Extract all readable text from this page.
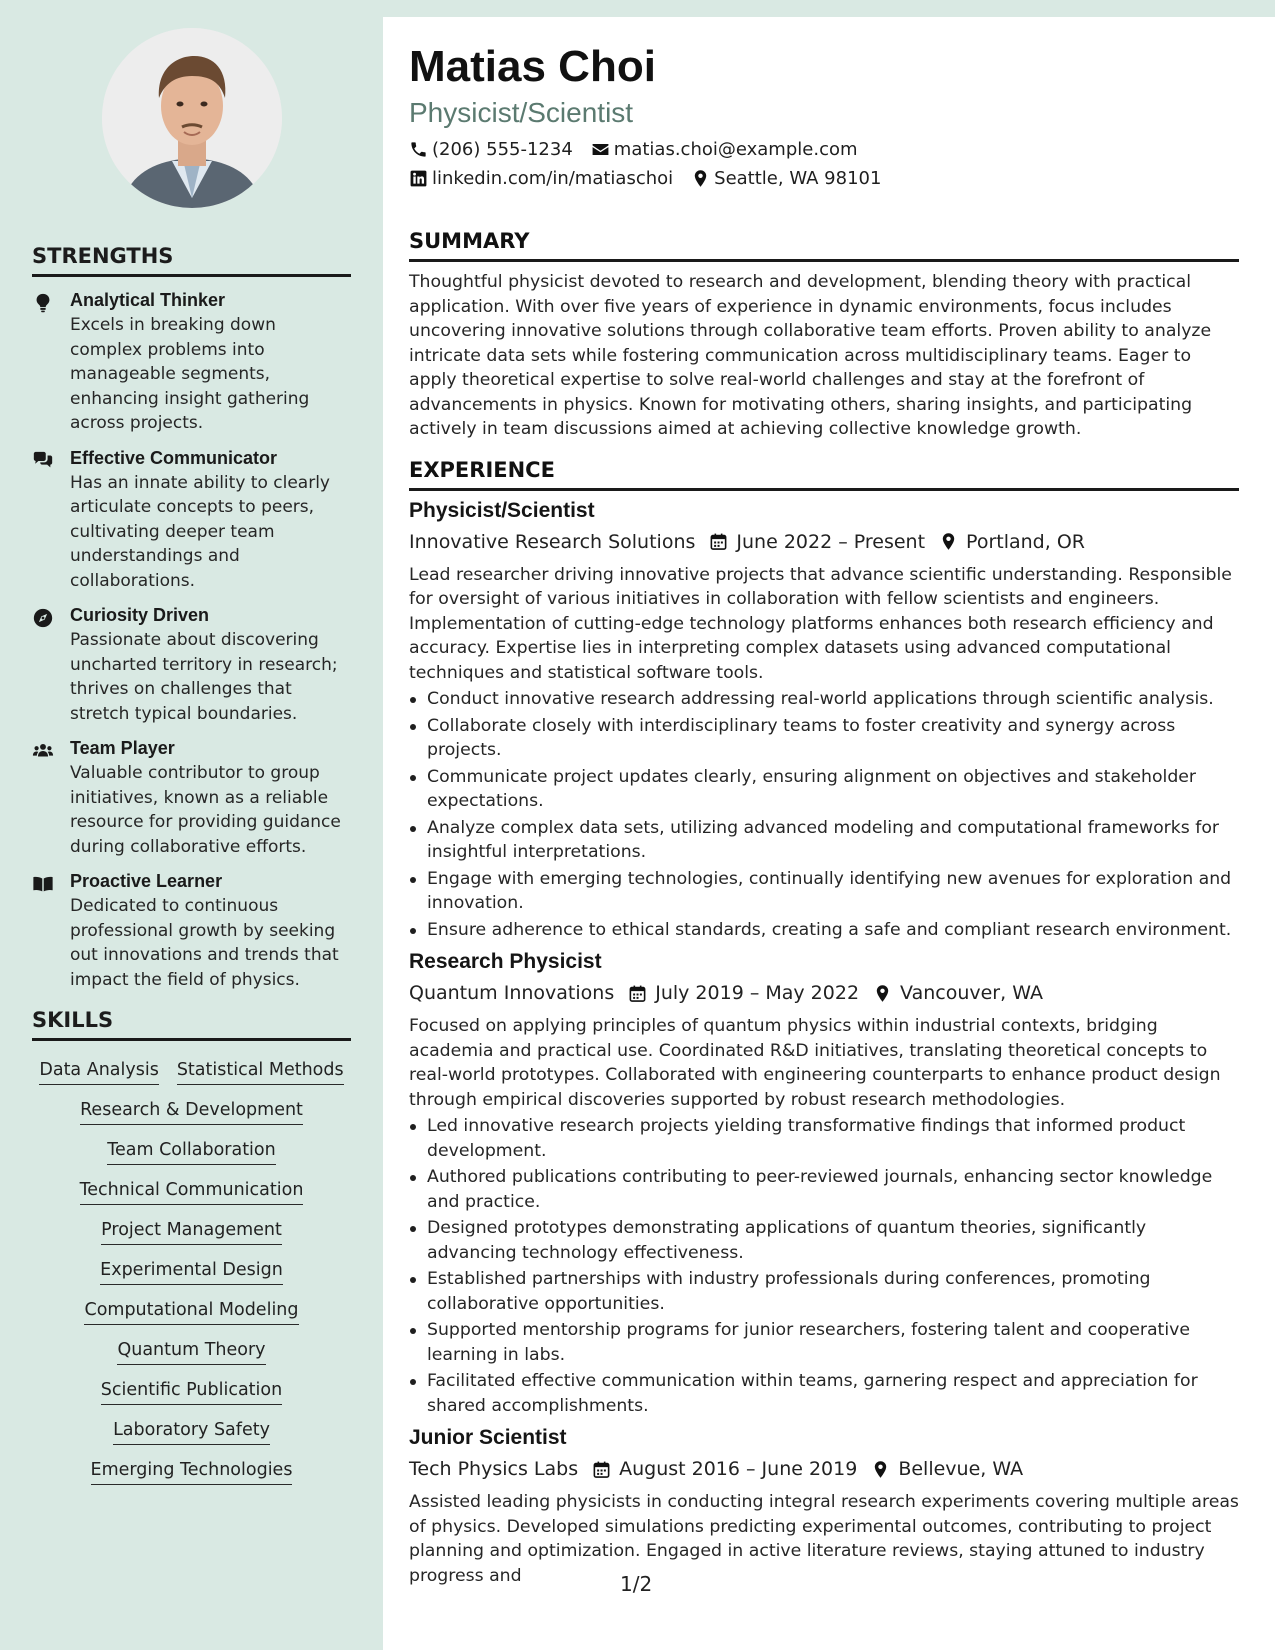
STRENGTHS
Analytical Thinker
Excels in breaking down complex problems into manageable segments, enhancing insight gathering across projects.
Effective Communicator
Has an innate ability to clearly articulate concepts to peers, cultivating deeper team understandings and collaborations.
Curiosity Driven
Passionate about discovering uncharted territory in research; thrives on challenges that stretch typical boundaries.
Team Player
Valuable contributor to group initiatives, known as a reliable resource for providing guidance during collaborative efforts.
Proactive Learner
Dedicated to continuous professional growth by seeking out innovations and trends that impact the field of physics.
SKILLS
Data Analysis Statistical Methods
Research & Development
Team Collaboration
Technical Communication
Project Management
Experimental Design
Computational Modeling
Quantum Theory
Scientific Publication
Laboratory Safety
Emerging Technologies
Matias Choi
Physicist/Scientist
(206) 555-1234 matias.choi@example.com
linkedin.com/in/matiaschoi Seattle, WA 98101
SUMMARY
Thoughtful physicist devoted to research and development, blending theory with practical application. With over five years of experience in dynamic environments, focus includes uncovering innovative solutions through collaborative team efforts. Proven ability to analyze intricate data sets while fostering communication across multidisciplinary teams. Eager to apply theoretical expertise to solve real-world challenges and stay at the forefront of advancements in physics. Known for motivating others, sharing insights, and participating actively in team discussions aimed at achieving collective knowledge growth.
EXPERIENCE
Physicist/Scientist
Innovative Research Solutions June 2022 – Present Portland, OR
Lead researcher driving innovative projects that advance scientific understanding. Responsible for oversight of various initiatives in collaboration with fellow scientists and engineers. Implementation of cutting-edge technology platforms enhances both research efficiency and accuracy. Expertise lies in interpreting complex datasets using advanced computational techniques and statistical software tools.
Conduct innovative research addressing real-world applications through scientific analysis.
Collaborate closely with interdisciplinary teams to foster creativity and synergy across projects.
Communicate project updates clearly, ensuring alignment on objectives and stakeholder expectations.
Analyze complex data sets, utilizing advanced modeling and computational frameworks for insightful interpretations.
Engage with emerging technologies, continually identifying new avenues for exploration and innovation.
Ensure adherence to ethical standards, creating a safe and compliant research environment.
Research Physicist
Quantum Innovations July 2019 – May 2022 Vancouver, WA
Focused on applying principles of quantum physics within industrial contexts, bridging academia and practical use. Coordinated R&D initiatives, translating theoretical concepts to real-world prototypes. Collaborated with engineering counterparts to enhance product design through empirical discoveries supported by robust research methodologies.
Led innovative research projects yielding transformative findings that informed product development.
Authored publications contributing to peer-reviewed journals, enhancing sector knowledge and practice.
Designed prototypes demonstrating applications of quantum theories, significantly advancing technology effectiveness.
Established partnerships with industry professionals during conferences, promoting collaborative opportunities.
Supported mentorship programs for junior researchers, fostering talent and cooperative learning in labs.
Facilitated effective communication within teams, garnering respect and appreciation for shared accomplishments.
Junior Scientist
Tech Physics Labs August 2016 – June 2019 Bellevue, WA
Assisted leading physicists in conducting integral research experiments covering multiple areas of physics. Developed simulations predicting experimental outcomes, contributing to project planning and optimization. Engaged in active literature reviews, staying attuned to industry progress and	1/2
